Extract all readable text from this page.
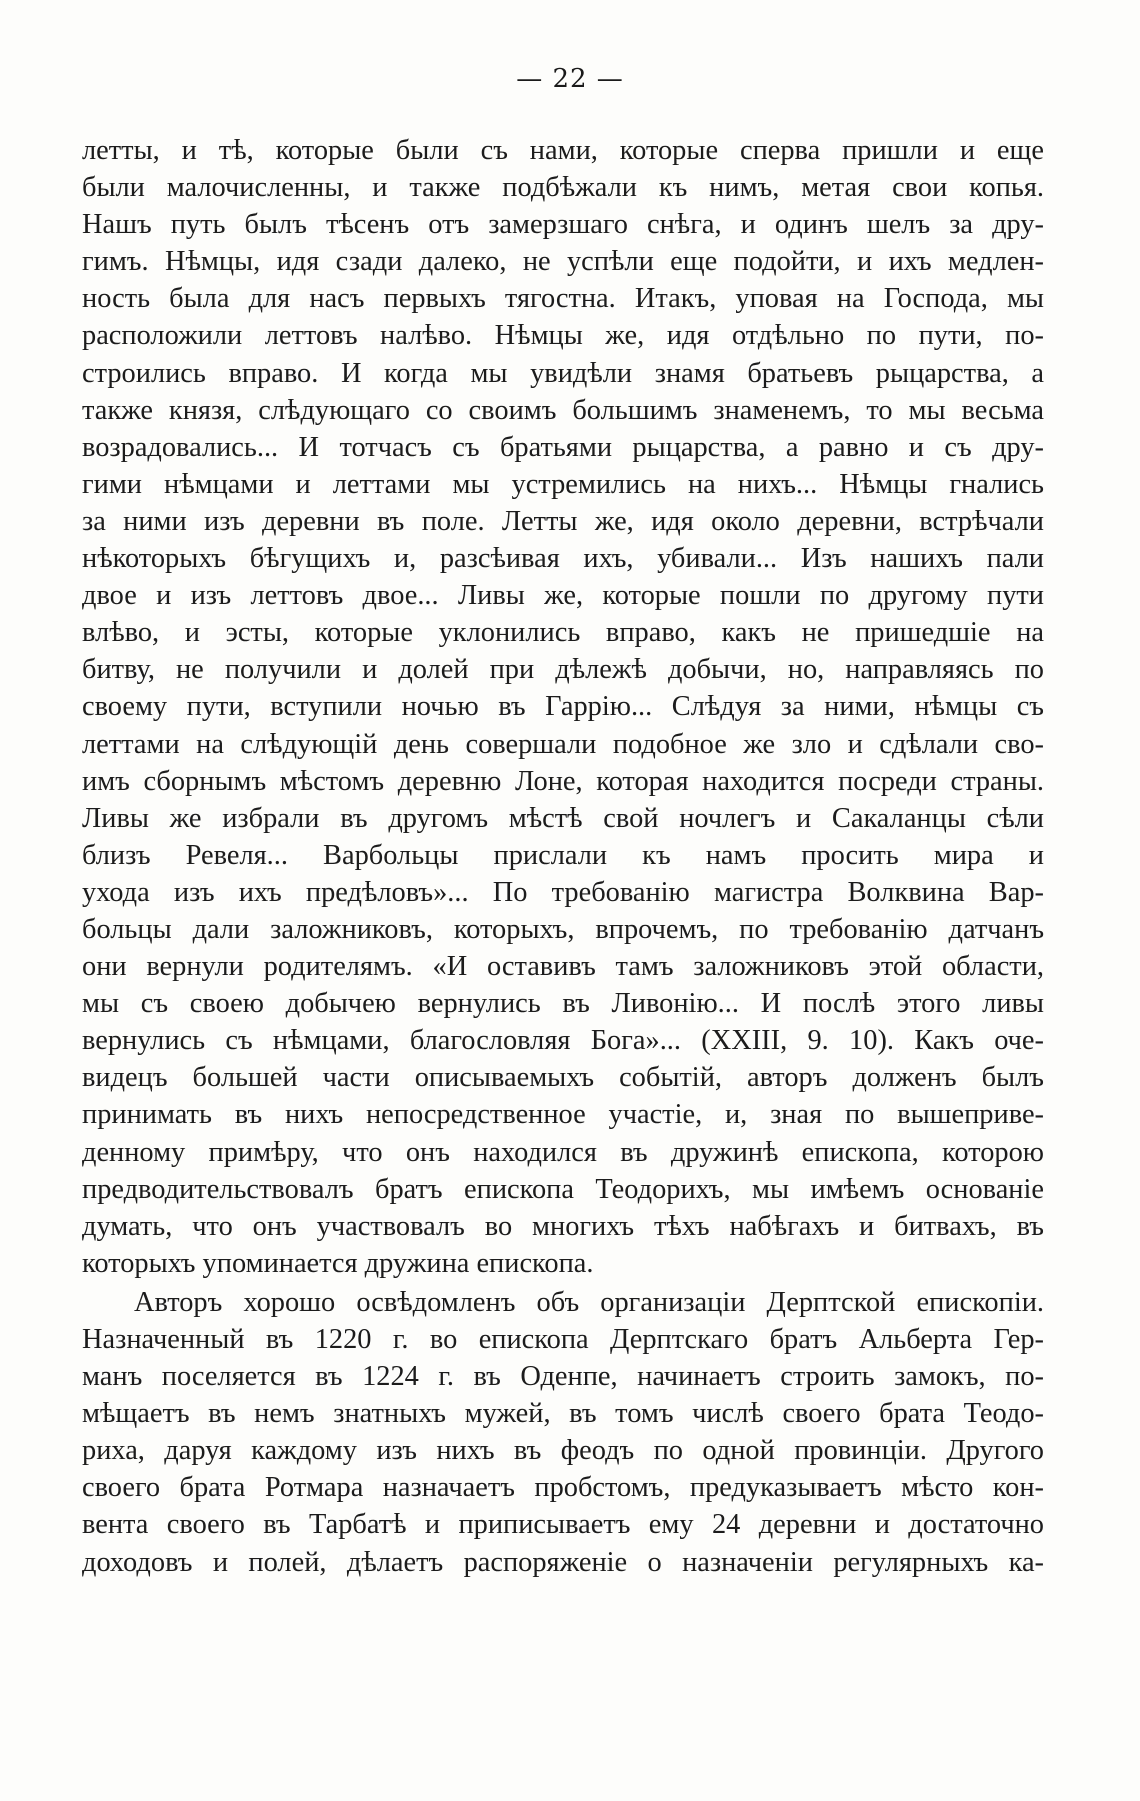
— 22 —
летты, и тѣ, которые были съ нами, которые сперва пришли и еще
были малочисленны, и также подбѣжали къ нимъ, метая свои копья.
Нашъ путь былъ тѣсенъ отъ замерзшаго снѣга, и одинъ шелъ за дру-
гимъ. Нѣмцы, идя сзади далеко, не успѣли еще подойти, и ихъ медлен-
ность была для насъ первыхъ тягостна. Итакъ, уповая на Господа, мы
расположили леттовъ налѣво. Нѣмцы же, идя отдѣльно по пути, по-
строились вправо. И когда мы увидѣли знамя братьевъ рыцарства, а
также князя, слѣдующаго со своимъ большимъ знаменемъ, то мы весьма
возрадовались... И тотчасъ съ братьями рыцарства, а равно и съ дру-
гими нѣмцами и леттами мы устремились на нихъ... Нѣмцы гнались
за ними изъ деревни въ поле. Летты же, идя около деревни, встрѣчали
нѣкоторыхъ бѣгущихъ и, разсѣивая ихъ, убивали... Изъ нашихъ пали
двое и изъ леттовъ двое... Ливы же, которые пошли по другому пути
влѣво, и эсты, которые уклонились вправо, какъ не пришедшіе на
битву, не получили и долей при дѣлежѣ добычи, но, направляясь по
своему пути, вступили ночью въ Гаррію... Слѣдуя за ними, нѣмцы съ
леттами на слѣдующій день совершали подобное же зло и сдѣлали сво-
имъ сборнымъ мѣстомъ деревню Лоне, которая находится посреди страны.
Ливы же избрали въ другомъ мѣстѣ свой ночлегъ и Сакаланцы сѣли
близъ Ревеля... Варбольцы прислали къ намъ просить мира и
ухода изъ ихъ предѣловъ»... По требованію магистра Волквина Вар-
больцы дали заложниковъ, которыхъ, впрочемъ, по требованію датчанъ
они вернули родителямъ. «И оставивъ тамъ заложниковъ этой области,
мы съ своею добычею вернулись въ Ливонію... И послѣ этого ливы
вернулись съ нѣмцами, благословляя Бога»... (XXIII, 9. 10). Какъ оче-
видецъ большей части описываемыхъ событій, авторъ долженъ былъ
принимать въ нихъ непосредственное участіе, и, зная по вышеприве-
денному примѣру, что онъ находился въ дружинѣ епископа, которою
предводительствовалъ братъ епископа Теодорихъ, мы имѣемъ основаніе
думать, что онъ участвовалъ во многихъ тѣхъ набѣгахъ и битвахъ, въ
которыхъ упоминается дружина епископа.
Авторъ хорошо освѣдомленъ объ организаціи Дерптской епископіи.
Назначенный въ 1220 г. во епископа Дерптскаго братъ Альберта Гер-
манъ поселяется въ 1224 г. въ Оденпе, начинаетъ строить замокъ, по-
мѣщаетъ въ немъ знатныхъ мужей, въ томъ числѣ своего брата Теодо-
риха, даруя каждому изъ нихъ въ феодъ по одной провинціи. Другого
своего брата Ротмара назначаетъ пробстомъ, предуказываетъ мѣсто кон-
вента своего въ Тарбатѣ и приписываетъ ему 24 деревни и достаточно
доходовъ и полей, дѣлаетъ распоряженіе о назначеніи регулярныхъ ка-
